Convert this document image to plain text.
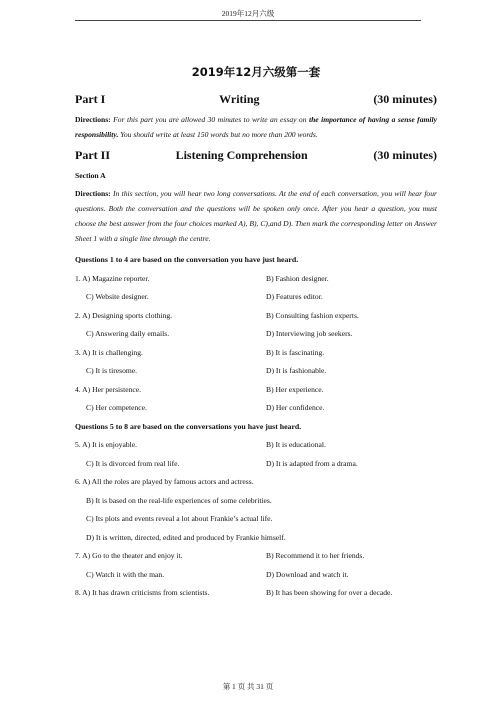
2019年12月六级
2019年12月六级第一套
Part I	Writing	(30 minutes)
Directions: For this part you are allowed 30 minutes to write an essay on the importance of having a sense family responsibility. You should write at least 150 words but no more than 200 words.
Part II	Listening Comprehension	(30 minutes)
Section A
Directions: In this section, you will hear two long conversations. At the end of each conversation, you will hear four questions. Both the conversation and the questions will be spoken only once. After you hear a question, you must choose the best answer from the four choices marked A), B), C),and D). Then mark the corresponding letter on Answer Sheet 1 with a single line through the centre.
Questions 1 to 4 are based on the conversation you have just heard.
1. A) Magazine reporter.	B) Fashion designer.
C) Website designer.	D) Features editor.
2. A) Designing sports clothing.	B) Consulting fashion experts.
C) Answering daily emails.	D) Interviewing job seekers.
3. A) It is challenging.	B) It is fascinating.
C) It is tiresome.	D) It is fashionable.
4. A) Her persistence.	B) Her experience.
C) Her competence.	D) Her confidence.
Questions 5 to 8 are based on the conversations you have just heard.
5. A) It is enjoyable.	B) It is educational.
C) It is divorced from real life.	D) It is adapted from a drama.
6. A) All the roles are played by famous actors and actress.
B) It is based on the real-life experiences of some celebrities.
C) Its plots and events reveal a lot about Frankie’s actual life.
D) It is written, directed, edited and produced by Frankie himself.
7. A) Go to the theater and enjoy it.	B) Recommend it to her friends.
C) Watch it with the man.	D) Download and watch it.
8. A) It has drawn criticisms from scientists.	B) It has been showing for over a decade.
第 1 页 共 31 页
